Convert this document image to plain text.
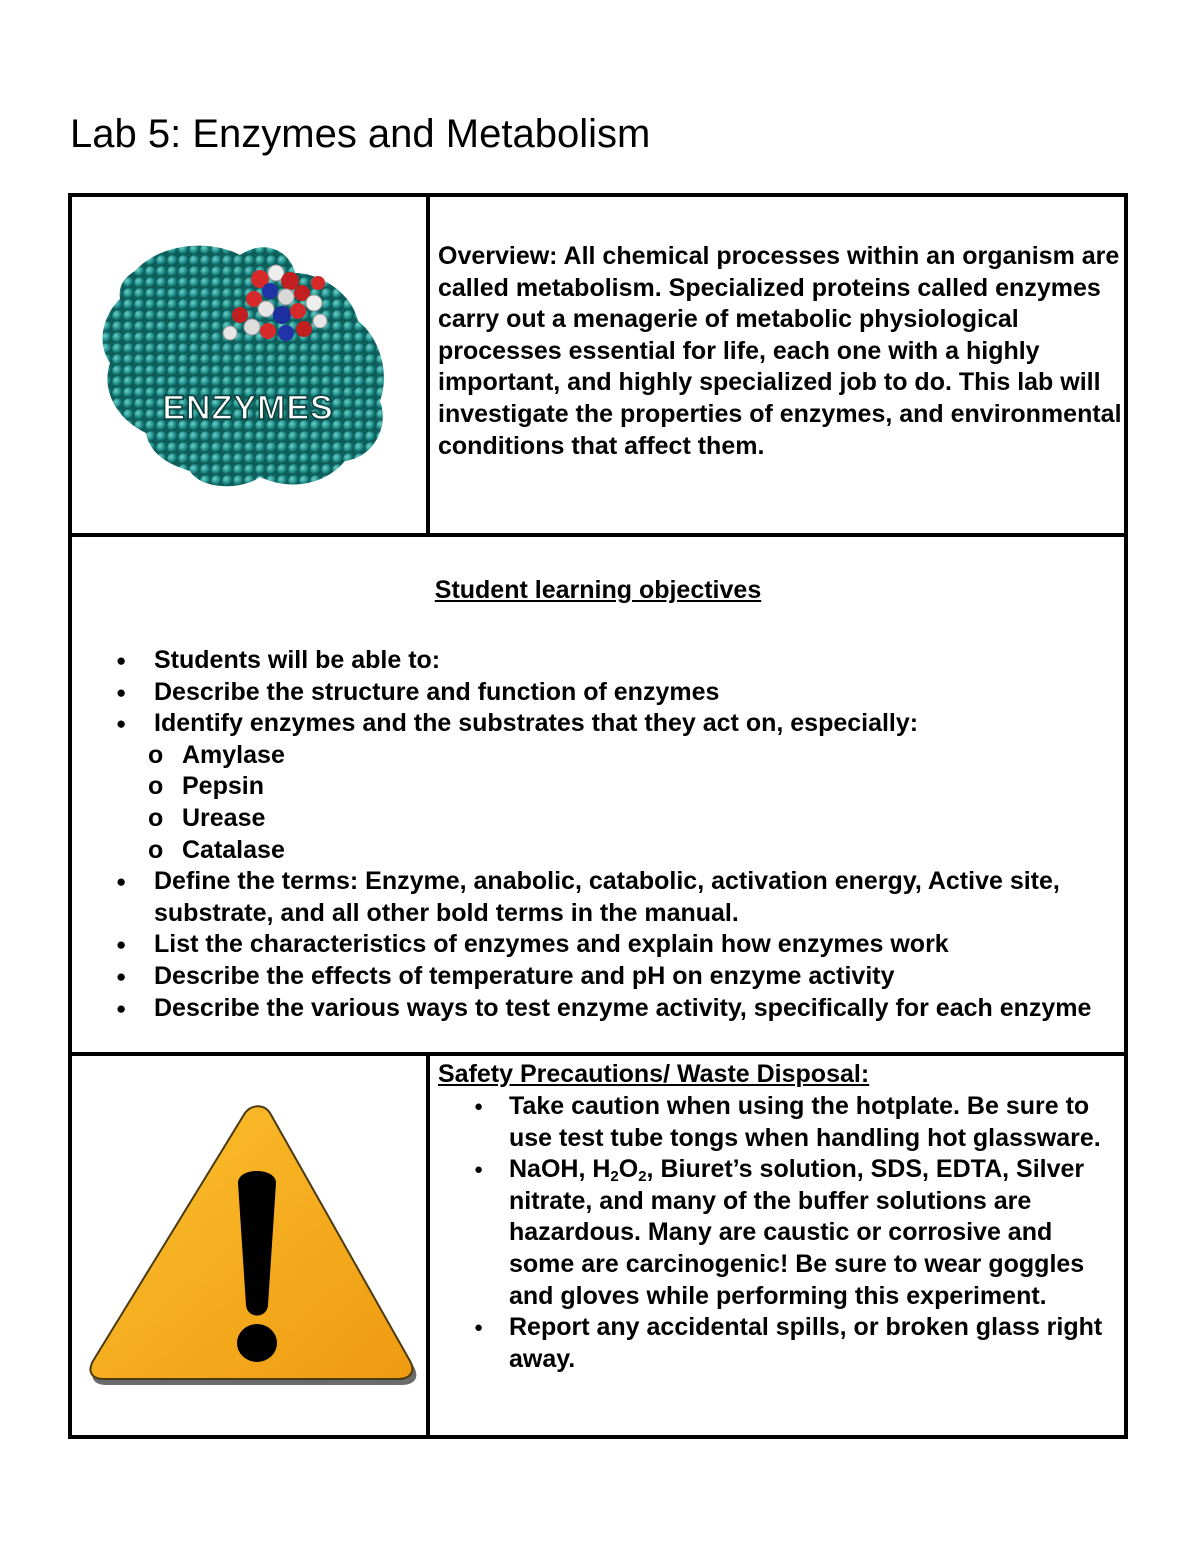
Lab 5: Enzymes and Metabolism
ENZYMES
Overview: All chemical processes within an organism are called metabolism. Specialized proteins called enzymes carry out a menagerie of metabolic physiological processes essential for life, each one with a highly important, and highly specialized job to do. This lab will investigate the properties of enzymes, and environmental conditions that affect them.
Student learning objectives
● Students will be able to:
● Describe the structure and function of enzymes
● Identify enzymes and the substrates that they act on, especially:
o Amylase
o Pepsin
o Urease
o Catalase
● Define the terms: Enzyme, anabolic, catabolic, activation energy, Active site, substrate, and all other bold terms in the manual.
● List the characteristics of enzymes and explain how enzymes work
● Describe the effects of temperature and pH on enzyme activity
● Describe the various ways to test enzyme activity, specifically for each enzyme
Safety Precautions/ Waste Disposal:
● Take caution when using the hotplate. Be sure to use test tube tongs when handling hot glassware.
● NaOH, $H_2O_2$, Biuret’s solution, SDS, EDTA, Silver nitrate, and many of the buffer solutions are hazardous. Many are caustic or corrosive and some are carcinogenic! Be sure to wear goggles and gloves while performing this experiment.
● Report any accidental spills, or broken glass right away.
